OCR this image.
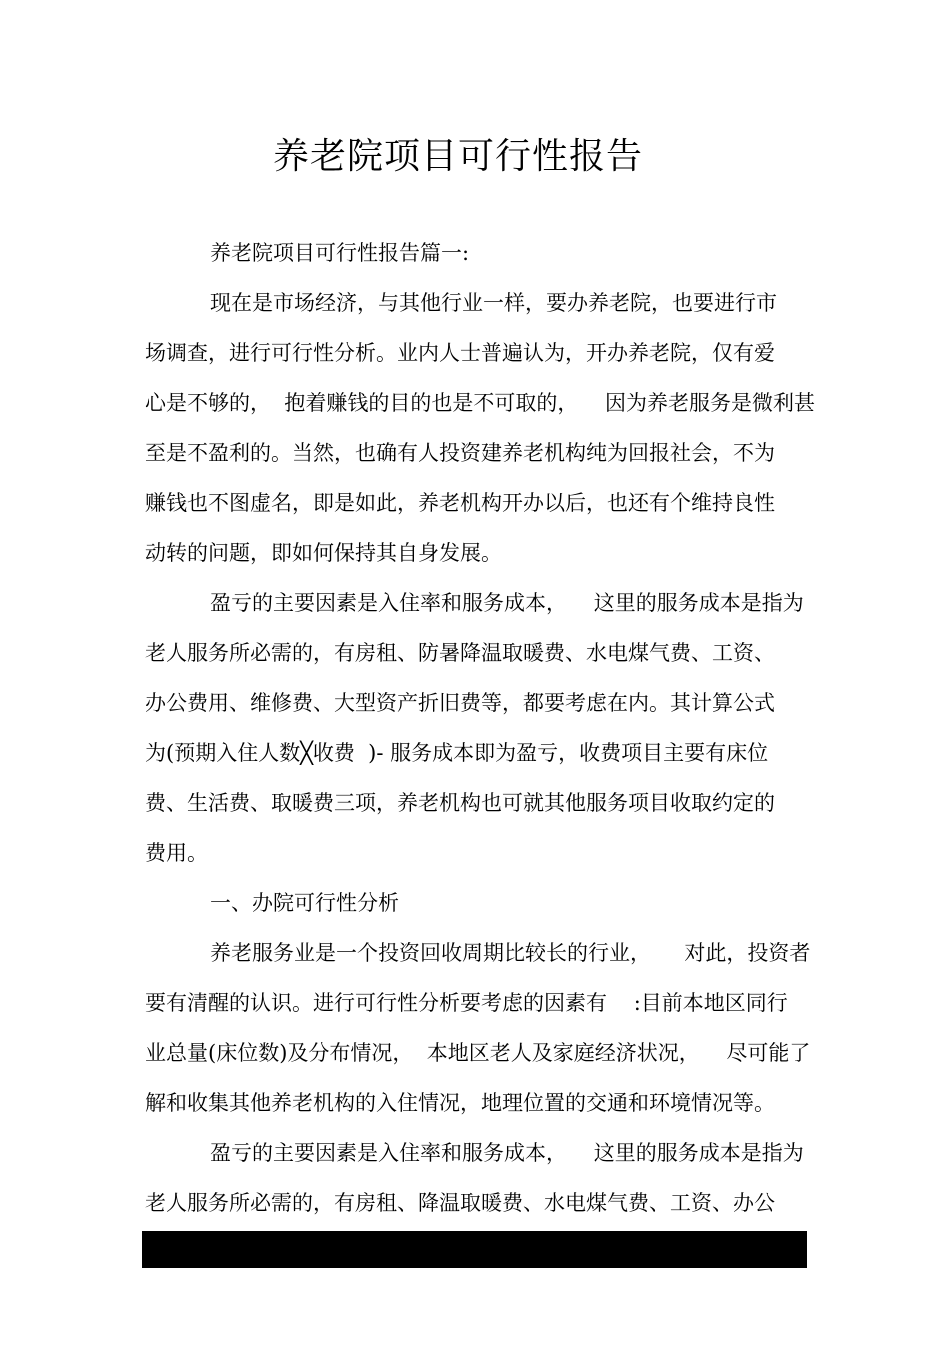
养老院项目可行性报告
养老院项目可行性报告篇一:
现在是市场经济，与其他行业一样，要办养老院，也要进行市
场调查，进行可行性分析。业内人士普遍认为，开办养老院，仅有爱
心是不够的，  抱着赚钱的目的也是不可取的，    因为养老服务是微利甚
至是不盈利的。当然，也确有人投资建养老机构纯为回报社会，不为
赚钱也不图虚名，即是如此，养老机构开办以后，也还有个维持良性
动转的问题，即如何保持其自身发展。
盈亏的主要因素是入住率和服务成本，    这里的服务成本是指为
老人服务所必需的，有房租、防暑降温取暖费、水电煤气费、工资、
办公费用、维修费、大型资产折旧费等，都要考虑在内。其计算公式
为(预期入住人数╳收费  )- 服务成本即为盈亏，收费项目主要有床位
费、生活费、取暖费三项，养老机构也可就其他服务项目收取约定的
费用。
一、办院可行性分析
养老服务业是一个投资回收周期比较长的行业，     对此，投资者
要有清醒的认识。进行可行性分析要考虑的因素有    :目前本地区同行
业总量(床位数)及分布情况，  本地区老人及家庭经济状况，    尽可能了
解和收集其他养老机构的入住情况，地理位置的交通和环境情况等。
盈亏的主要因素是入住率和服务成本，    这里的服务成本是指为
老人服务所必需的，有房租、降温取暖费、水电煤气费、工资、办公
